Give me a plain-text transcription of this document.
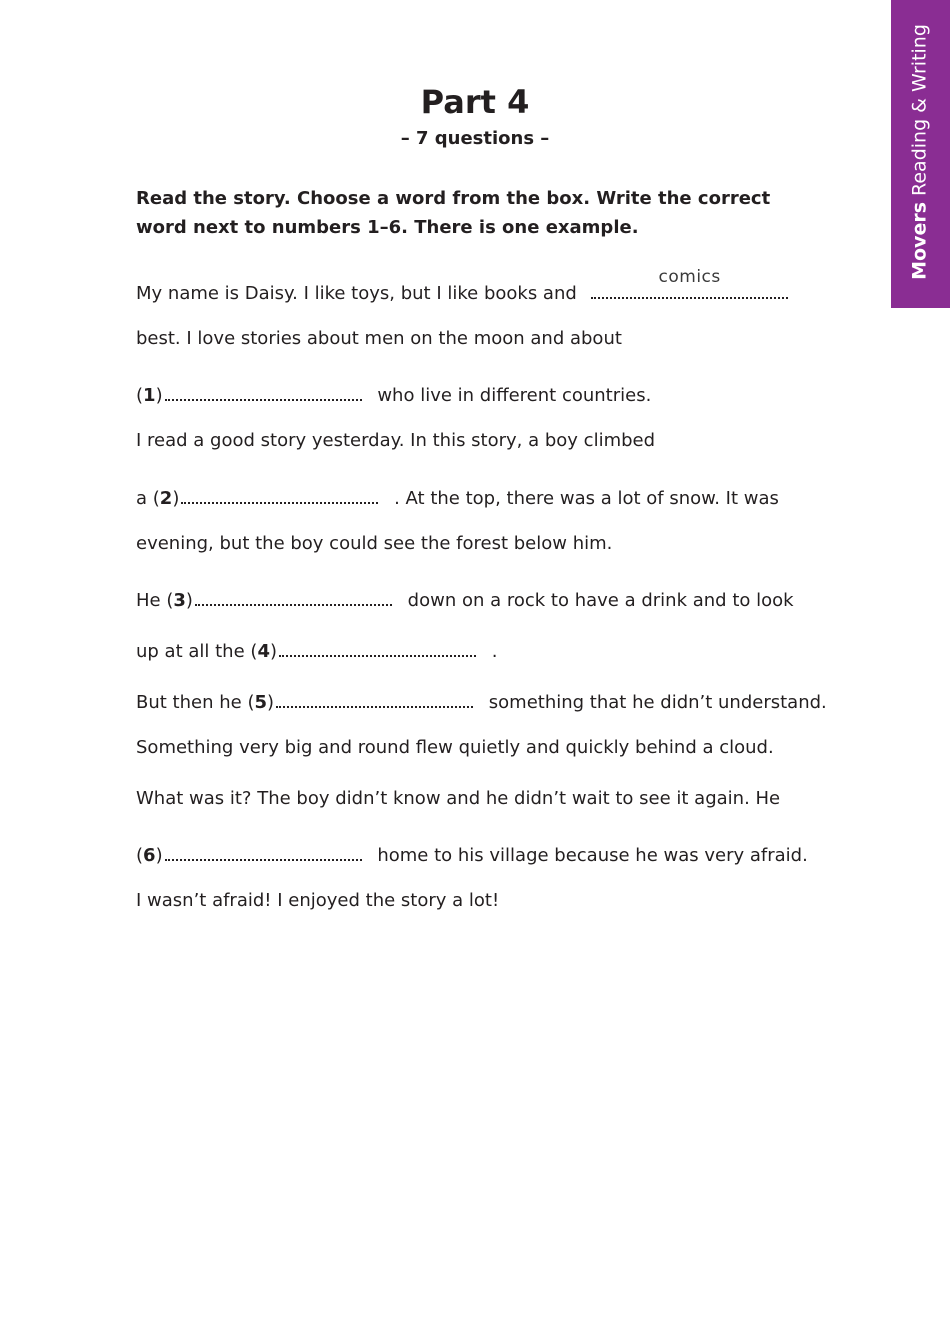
MoversReading & Writing
Part 4
– 7 questions –
Read the story. Choose a word from the box. Write the correct word next to numbers 1–6. There is one example.
My name is Daisy. I like toys, but I like books and
comics
best. I love stories about men on the moon and about
(1)	who live in different countries.
I read a good story yesterday. In this story, a boy climbed
a (2)	. At the top, there was a lot of snow. It was
evening, but the boy could see the forest below him.
He (3)	down on a rock to have a drink and to look
up at all the (4)	.
But then he (5)	something that he didn’t understand.
Something very big and round flew quietly and quickly behind a cloud.
What was it? The boy didn’t know and he didn’t wait to see it again. He
(6)	home to his village because he was very afraid.
I wasn’t afraid! I enjoyed the story a lot!
